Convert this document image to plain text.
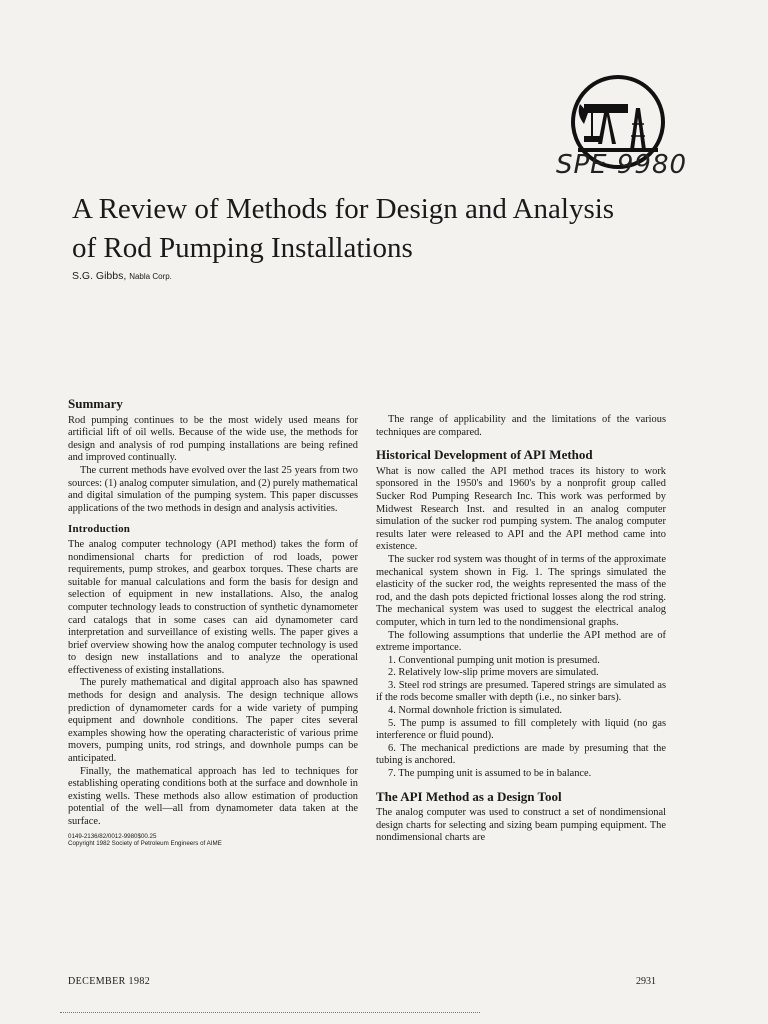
SPE 9980
A Review of Methods for Design and Analysis
of Rod Pumping Installations
S.G. Gibbs, Nabla Corp.
Summary

Rod pumping continues to be the most widely used means for artificial lift of oil wells. Because of the wide use, the methods for design and analysis of rod pumping installations are being refined and improved continually.

The current methods have evolved over the last 25 years from two sources: (1) analog computer simulation, and (2) purely mathematical and digital simulation of the pumping system. This paper discusses applications of the two methods in design and analysis activities.

Introduction

The analog computer technology (API method) takes the form of nondimensional charts for prediction of rod loads, power requirements, pump strokes, and gearbox torques. These charts are suitable for manual calculations and form the basis for design and selection of equipment in new installations. Also, the analog computer technology leads to construction of synthetic dynamometer card catalogs that in some cases can aid dynamometer card interpretation and surveillance of existing wells. The paper gives a brief overview showing how the analog computer technology is used to design new installations and to analyze the operational effectiveness of existing installations.

The purely mathematical and digital approach also has spawned methods for design and analysis. The design technique allows prediction of dynamometer cards for a wide variety of pumping equipment and downhole conditions. The paper cites several examples showing how the operating characteristic of various prime movers, pumping units, rod strings, and downhole pumps can be anticipated.

Finally, the mathematical approach has led to techniques for establishing operating conditions both at the surface and downhole in existing wells. These methods also allow estimation of production potential of the well—all from dynamometer data taken at the surface.

0149-2136/82/0012-9980$00.25
Copyright 1982 Society of Petroleum Engineers of AIME

The range of applicability and the limitations of the various techniques are compared.

Historical Development of API Method

What is now called the API method traces its history to work sponsored in the 1950's and 1960's by a nonprofit group called Sucker Rod Pumping Research Inc. This work was performed by Midwest Research Inst. and resulted in an analog computer simulation of the sucker rod pumping system. The analog computer results later were released to API and the API method came into existence.

The sucker rod system was thought of in terms of the approximate mechanical system shown in Fig. 1. The springs simulated the elasticity of the sucker rod, the weights represented the mass of the rod, and the dash pots depicted frictional losses along the rod string. The mechanical system was used to suggest the electrical analog computer, which in turn led to the nondimensional graphs.

The following assumptions that underlie the API method are of extreme importance.

1. Conventional pumping unit motion is presumed.
2. Relatively low-slip prime movers are simulated.
3. Steel rod strings are presumed. Tapered strings are simulated as if the rods become smaller with depth (i.e., no sinker bars).
4. Normal downhole friction is simulated.
5. The pump is assumed to fill completely with liquid (no gas interference or fluid pound).
6. The mechanical predictions are made by presuming that the tubing is anchored.
7. The pumping unit is assumed to be in balance.
The API Method as a Design Tool

The analog computer was used to construct a set of nondimensional design charts for selecting and sizing beam pumping equipment. The nondimensional charts are

DECEMBER 1982	2931
